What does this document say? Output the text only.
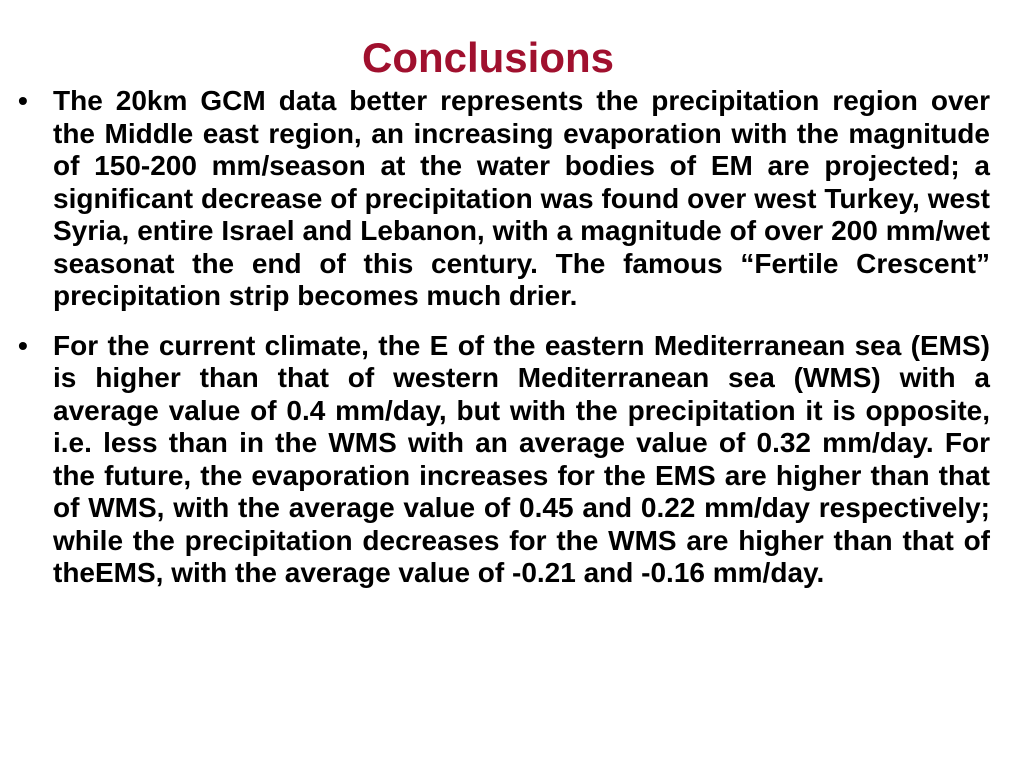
Conclusions
• The 20km GCM data better represents the precipitation region over the Middle east region, an increasing evaporation with the magnitude of 150-200 mm/season at the water bodies of EM are projected; a significant decrease of precipitation was found over west Turkey, west Syria, entire Israel and Lebanon, with a magnitude of over 200 mm/wet seasonat the end of this century. The famous “Fertile Crescent” precipitation strip becomes much drier.
• For the current climate, the E of the eastern Mediterranean sea (EMS) is higher than that of western Mediterranean sea (WMS) with a average value of 0.4 mm/day, but with the precipitation it is opposite, i.e. less than in the WMS with an average value of 0.32 mm/day. For the future, the evaporation increases for the EMS are higher than that of WMS, with the average value of 0.45 and 0.22 mm/day respectively; while the precipitation decreases for the WMS are higher than that of theEMS, with the average value of -0.21 and -0.16 mm/day.
